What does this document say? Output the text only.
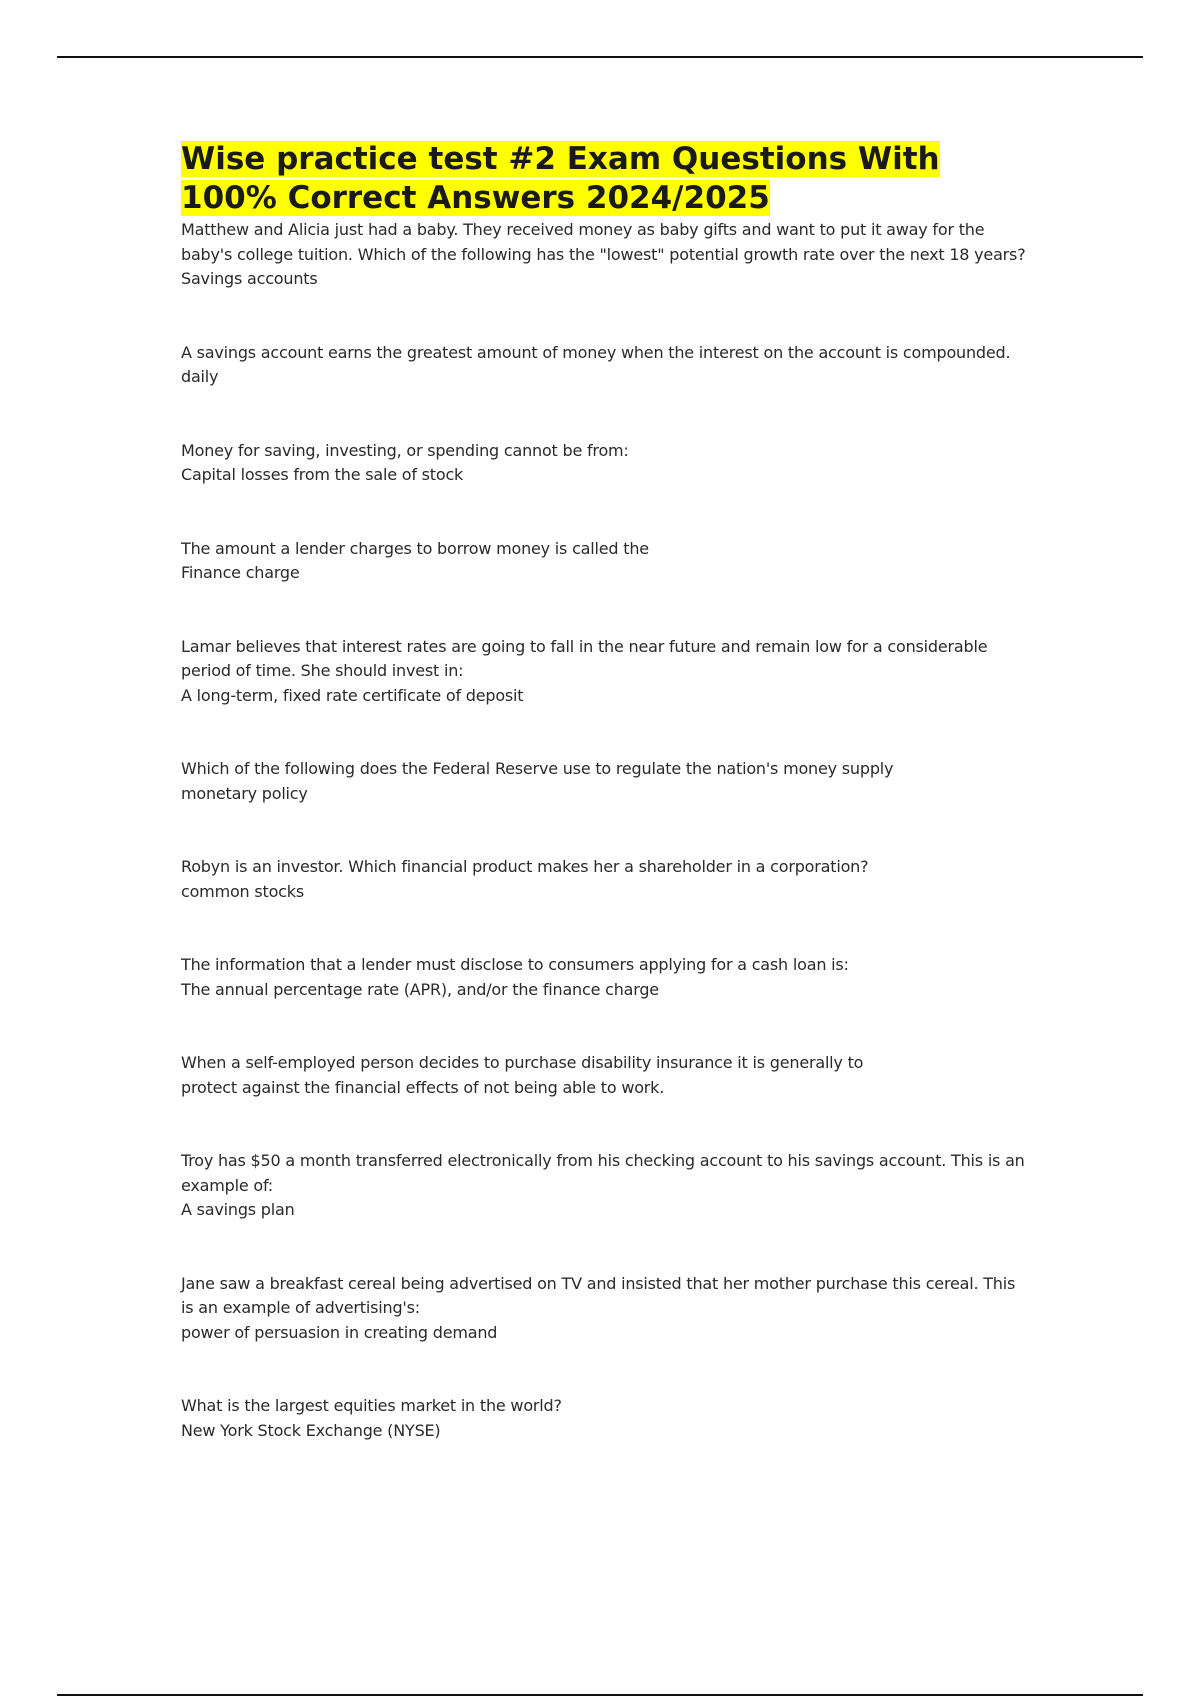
Wise practice test #2 Exam Questions With 100% Correct Answers 2024/2025
Matthew and Alicia just had a baby. They received money as baby gifts and want to put it away for the baby's college tuition. Which of the following has the "lowest" potential growth rate over the next 18 years?
Savings accounts
A savings account earns the greatest amount of money when the interest on the account is compounded.
daily
Money for saving, investing, or spending cannot be from:
Capital losses from the sale of stock
The amount a lender charges to borrow money is called the
Finance charge
Lamar believes that interest rates are going to fall in the near future and remain low for a considerable period of time. She should invest in:
A long-term, fixed rate certificate of deposit
Which of the following does the Federal Reserve use to regulate the nation's money supply
monetary policy
Robyn is an investor. Which financial product makes her a shareholder in a corporation?
common stocks
The information that a lender must disclose to consumers applying for a cash loan is:
The annual percentage rate (APR), and/or the finance charge
When a self-employed person decides to purchase disability insurance it is generally to
protect against the financial effects of not being able to work.
Troy has $50 a month transferred electronically from his checking account to his savings account. This is an example of:
A savings plan
Jane saw a breakfast cereal being advertised on TV and insisted that her mother purchase this cereal. This is an example of advertising's:
power of persuasion in creating demand
What is the largest equities market in the world?
New York Stock Exchange (NYSE)
